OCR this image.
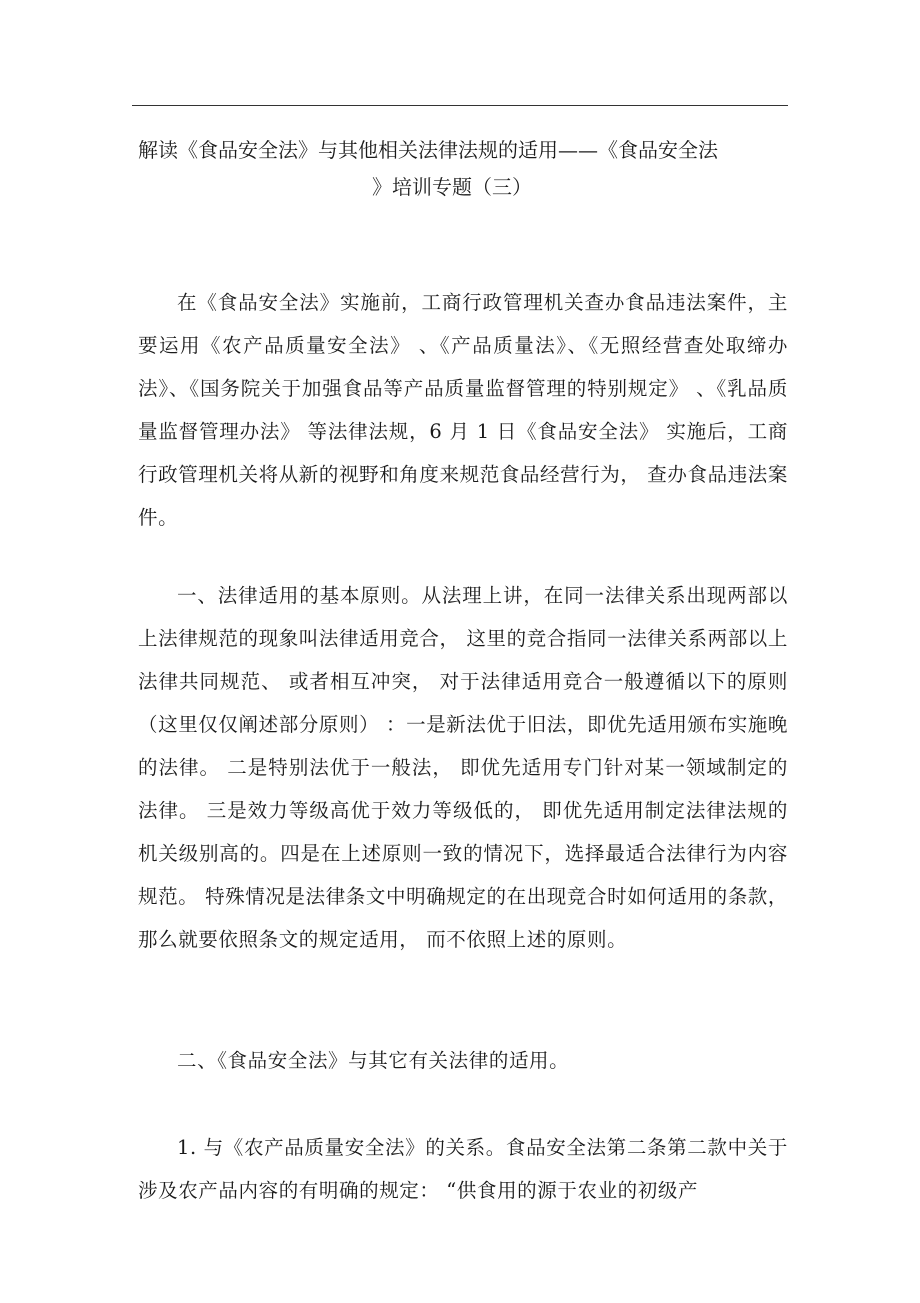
解读《食品安全法》与其他相关法律法规的适用——《食品安全法
》培训专题（三）

在《食品安全法》实施前，工商行政管理机关查办食品违法案件，主要运用《农产品质量安全法》 、《产品质量法》、《无照经营查处取缔办法》、《国务院关于加强食品等产品质量监督管理的特别规定》 、《乳品质量监督管理办法》 等法律法规，6 月 1 日《食品安全法》 实施后，工商行政管理机关将从新的视野和角度来规范食品经营行为， 查办食品违法案件。

一、法律适用的基本原则。从法理上讲，在同一法律关系出现两部以上法律规范的现象叫法律适用竞合， 这里的竞合指同一法律关系两部以上法律共同规范、 或者相互冲突， 对于法律适用竞合一般遵循以下的原则（这里仅仅阐述部分原则） ：一是新法优于旧法，即优先适用颁布实施晚的法律。 二是特别法优于一般法， 即优先适用专门针对某一领域制定的法律。 三是效力等级高优于效力等级低的， 即优先适用制定法律法规的机关级别高的。四是在上述原则一致的情况下，选择最适合法律行为内容规范。 特殊情况是法律条文中明确规定的在出现竞合时如何适用的条款， 那么就要依照条文的规定适用， 而不依照上述的原则。

二、《食品安全法》与其它有关法律的适用。

1. 与《农产品质量安全法》的关系。食品安全法第二条第二款中关于涉及农产品内容的有明确的规定： “供食用的源于农业的初级产
